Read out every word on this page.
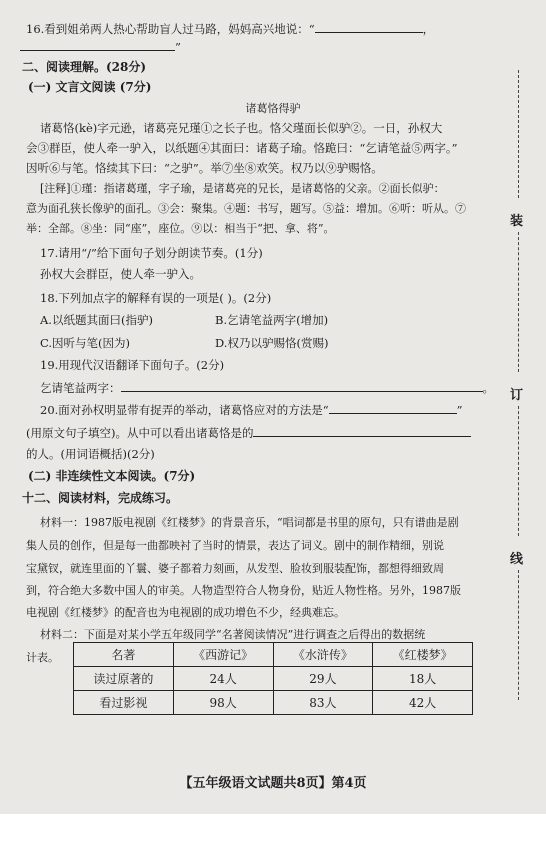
16.看到姐弟两人热心帮助盲人过马路，妈妈高兴地说：“	，
”
二、阅读理解。(28分)
(一) 文言文阅读 (7分)
诸葛恪得驴
诸葛恪(kè)字元逊，诸葛亮兄瑾①之长子也。恪父瑾面长似驴②。一日，孙权大
会③群臣，使人牵一驴入，以纸题④其面曰：诸葛子瑜。恪跪曰：“乞请笔益⑤两字。”
因听⑥与笔。恪续其下曰：“之驴”。举⑦坐⑧欢笑。权乃以⑨驴赐恪。
[注释]①瑾：指诸葛瑾，字子瑜，是诸葛亮的兄长，是诸葛恪的父亲。②面长似驴：
意为面孔狭长像驴的面孔。③会：聚集。④题：书写，题写。⑤益：增加。⑥听：听从。⑦
举：全部。⑧坐：同“座”，座位。⑨以：相当于“把、拿、将”。
17.请用“/”给下面句子划分朗读节奏。(1分)
孙权大会群臣，使人牵一驴入。
18.下列加点字的解释有误的一项是( )。(2分)
A.以纸题其面曰(指驴)	B.乞请笔益两字(增加)
C.因听与笔(因为)	D.权乃以驴赐恪(赏赐)
19.用现代汉语翻译下面句子。(2分)
乞请笔益两字：	。
20.面对孙权明显带有捉弄的举动，诸葛恪应对的方法是“	”
(用原文句子填空)。从中可以看出诸葛恪是的
的人。(用词语概括)(2分)
(二) 非连续性文本阅读。(7分)
十二、阅读材料，完成练习。
材料一：1987版电视剧《红楼梦》的背景音乐，“唱词都是书里的原句，只有谱曲是剧
集人员的创作，但是每一曲都映衬了当时的情景，表达了词义。剧中的制作精细，别说
宝黛钗，就连里面的丫鬟、婆子都着力刻画，从发型、脸妆到服装配饰，都想得细致周
到，符合绝大多数中国人的审美。人物造型符合人物身份，贴近人物性格。另外，1987版
电视剧《红楼梦》的配音也为电视剧的成功增色不少，经典难忘。
材料二：下面是对某小学五年级同学“名著阅读情况”进行调查之后得出的数据统
计表。	名著	《西游记》	《水浒传》	《红楼梦》
读过原著的	24人	29人	18人
看过影视	98人	83人	42人
装
订
线
【五年级语文试题共8页】第4页
